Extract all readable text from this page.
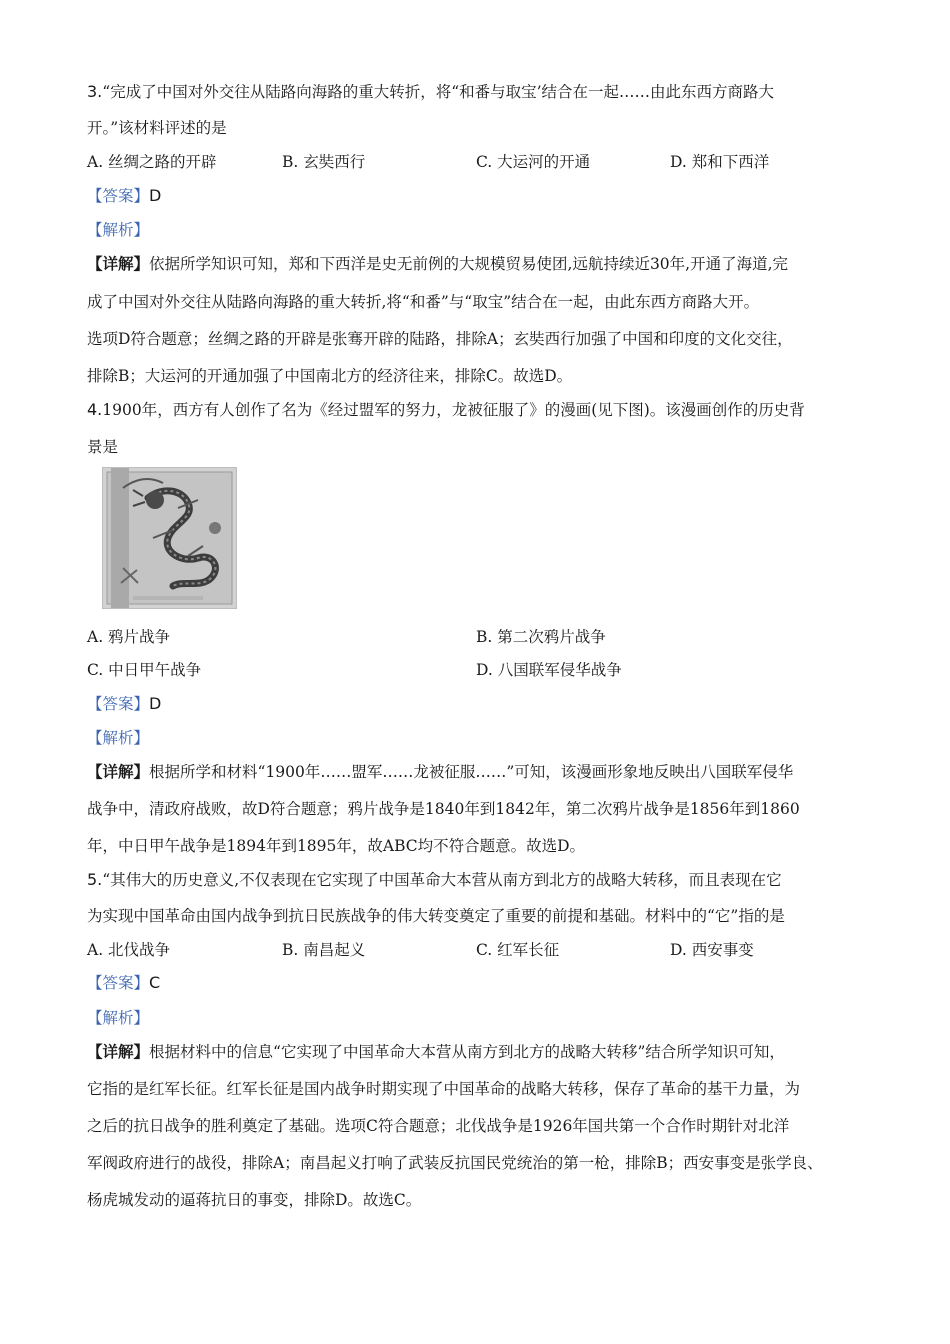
3.“完成了中国对外交往从陆路向海路的重大转折，将“和番与取宝’结合在一起……由此东西方商路大
开。”该材料评述的是
A. 丝绸之路的开辟	B. 玄奘西行	C. 大运河的开通	D. 郑和下西洋
【答案】D
【解析】
【详解】依据所学知识可知，郑和下西洋是史无前例的大规模贸易使团,远航持续近30年,开通了海道,完
成了中国对外交往从陆路向海路的重大转折,将“和番”与“取宝”结合在一起，由此东西方商路大开。
选项D符合题意；丝绸之路的开辟是张骞开辟的陆路，排除A；玄奘西行加强了中国和印度的文化交往，
排除B；大运河的开通加强了中国南北方的经济往来，排除C。故选D。
4.1900年，西方有人创作了名为《经过盟军的努力，龙被征服了》的漫画(见下图)。该漫画创作的历史背
景是
A. 鸦片战争	B. 第二次鸦片战争
C. 中日甲午战争	D. 八国联军侵华战争
【答案】D
【解析】
【详解】根据所学和材料“1900年……盟军……龙被征服……”可知，该漫画形象地反映出八国联军侵华
战争中，清政府战败，故D符合题意；鸦片战争是1840年到1842年，第二次鸦片战争是1856年到1860
年，中日甲午战争是1894年到1895年，故ABC均不符合题意。故选D。
5.“其伟大的历史意义,不仅表现在它实现了中国革命大本营从南方到北方的战略大转移，而且表现在它
为实现中国革命由国内战争到抗日民族战争的伟大转变奠定了重要的前提和基础。材料中的“它”指的是
A. 北伐战争	B. 南昌起义	C. 红军长征	D. 西安事变
【答案】C
【解析】
【详解】根据材料中的信息“它实现了中国革命大本营从南方到北方的战略大转移”结合所学知识可知，
它指的是红军长征。红军长征是国内战争时期实现了中国革命的战略大转移，保存了革命的基干力量，为
之后的抗日战争的胜利奠定了基础。选项C符合题意；北伐战争是1926年国共第一个合作时期针对北洋
军阀政府进行的战役，排除A；南昌起义打响了武装反抗国民党统治的第一枪，排除B；西安事变是张学良、
杨虎城发动的逼蒋抗日的事变，排除D。故选C。
